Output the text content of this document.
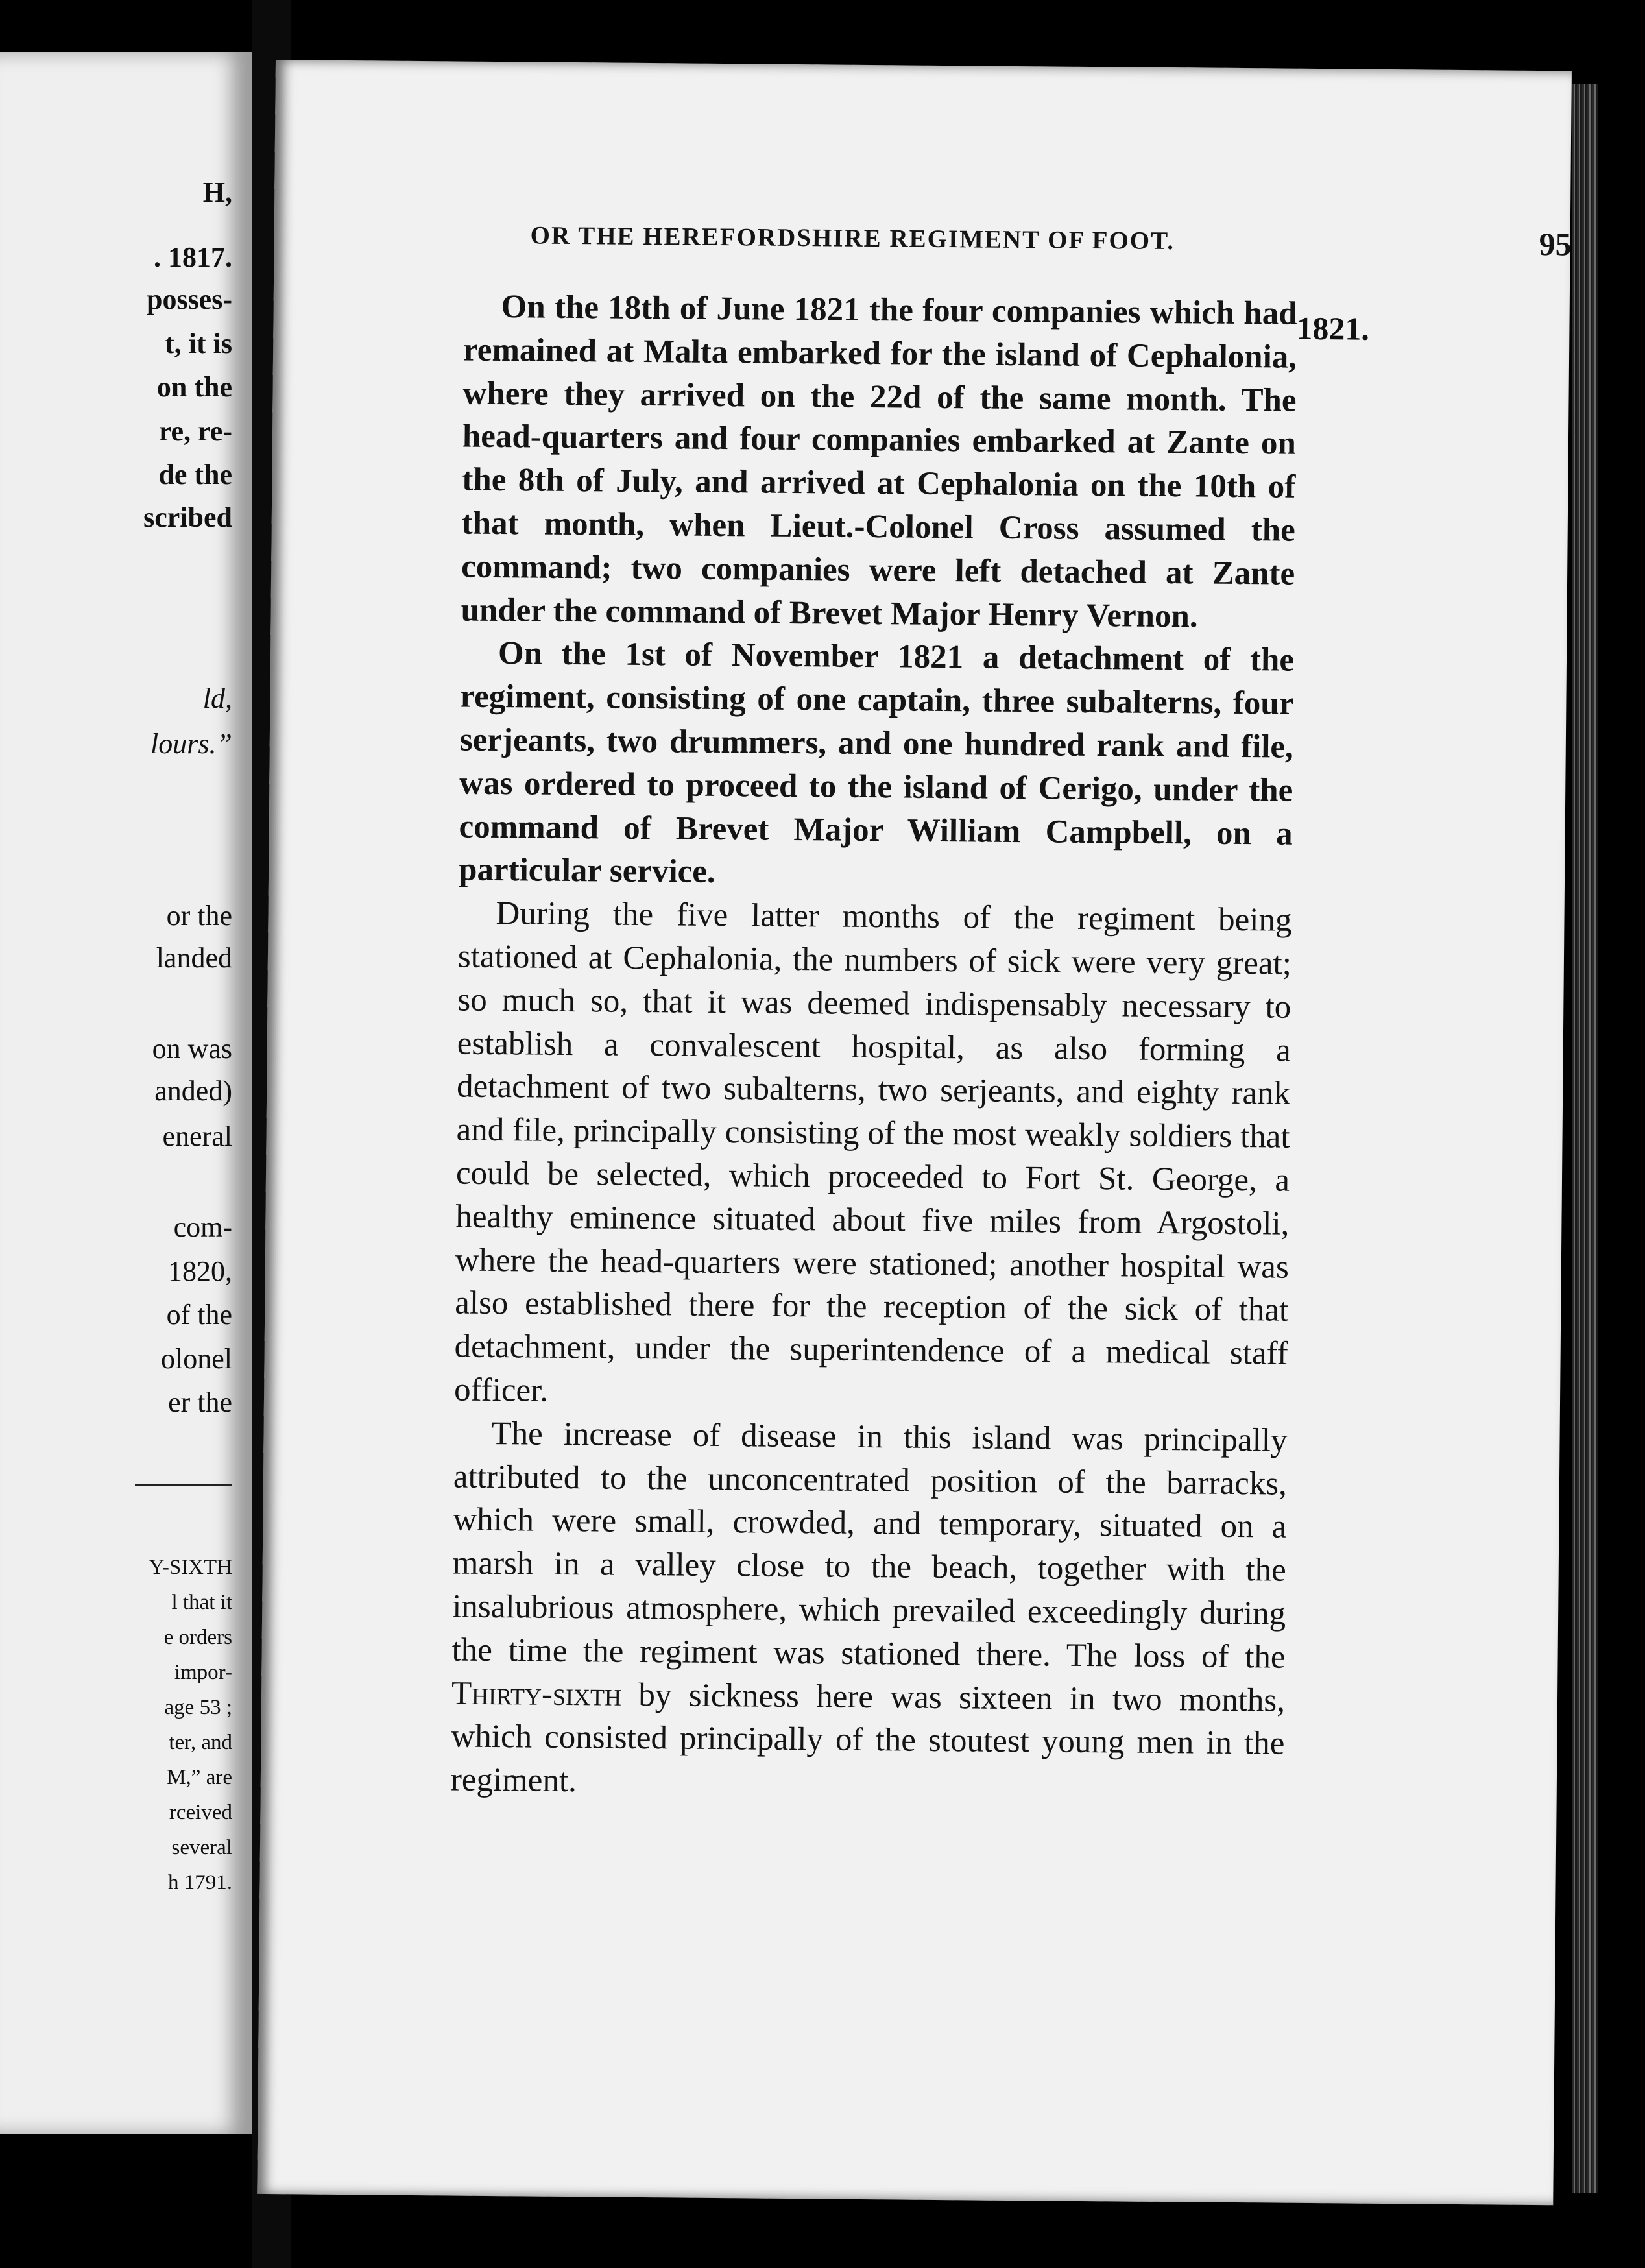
H,
. 1817.
posses-
t, it is
on the
re, re-
de the
scribed
ld,
lours.”
or the
landed
on was
anded)
eneral
com-
1820,
of the
olonel
er the
Y-SIXTH
l that it
e orders
impor-
age 53 ;
ter, and
M,” are
rceived
several
h 1791.
OR THE HEREFORDSHIRE REGIMENT OF FOOT.	95
1821.

On the 18th of June 1821 the four companies which had remained at Malta embarked for the island of Cephalonia, where they arrived on the 22d of the same month. The head-quarters and four companies embarked at Zante on the 8th of July, and arrived at Cephalonia on the 10th of that month, when Lieut.-Colonel Cross assumed the command; two companies were left detached at Zante under the command of Brevet Major Henry Vernon.

On the 1st of November 1821 a detachment of the regiment, consisting of one captain, three subalterns, four serjeants, two drummers, and one hundred rank and file, was ordered to proceed to the island of Cerigo, under the command of Brevet Major William Campbell, on a particular service.

During the five latter months of the regiment being stationed at Cephalonia, the numbers of sick were very great; so much so, that it was deemed indispensably necessary to establish a convalescent hospital, as also forming a detachment of two subalterns, two serjeants, and eighty rank and file, principally consisting of the most weakly soldiers that could be selected, which proceeded to Fort St. George, a healthy eminence situated about five miles from Argostoli, where the head-quarters were stationed; another hospital was also established there for the reception of the sick of that detachment, under the superintendence of a medical staff officer.

The increase of disease in this island was principally attributed to the unconcentrated position of the barracks, which were small, crowded, and temporary, situated on a marsh in a valley close to the beach, together with the insalubrious atmosphere, which prevailed exceedingly during the time the regiment was stationed there. The loss of the Thirty-sixth by sickness here was sixteen in two months, which consisted principally of the stoutest young men in the regiment.
